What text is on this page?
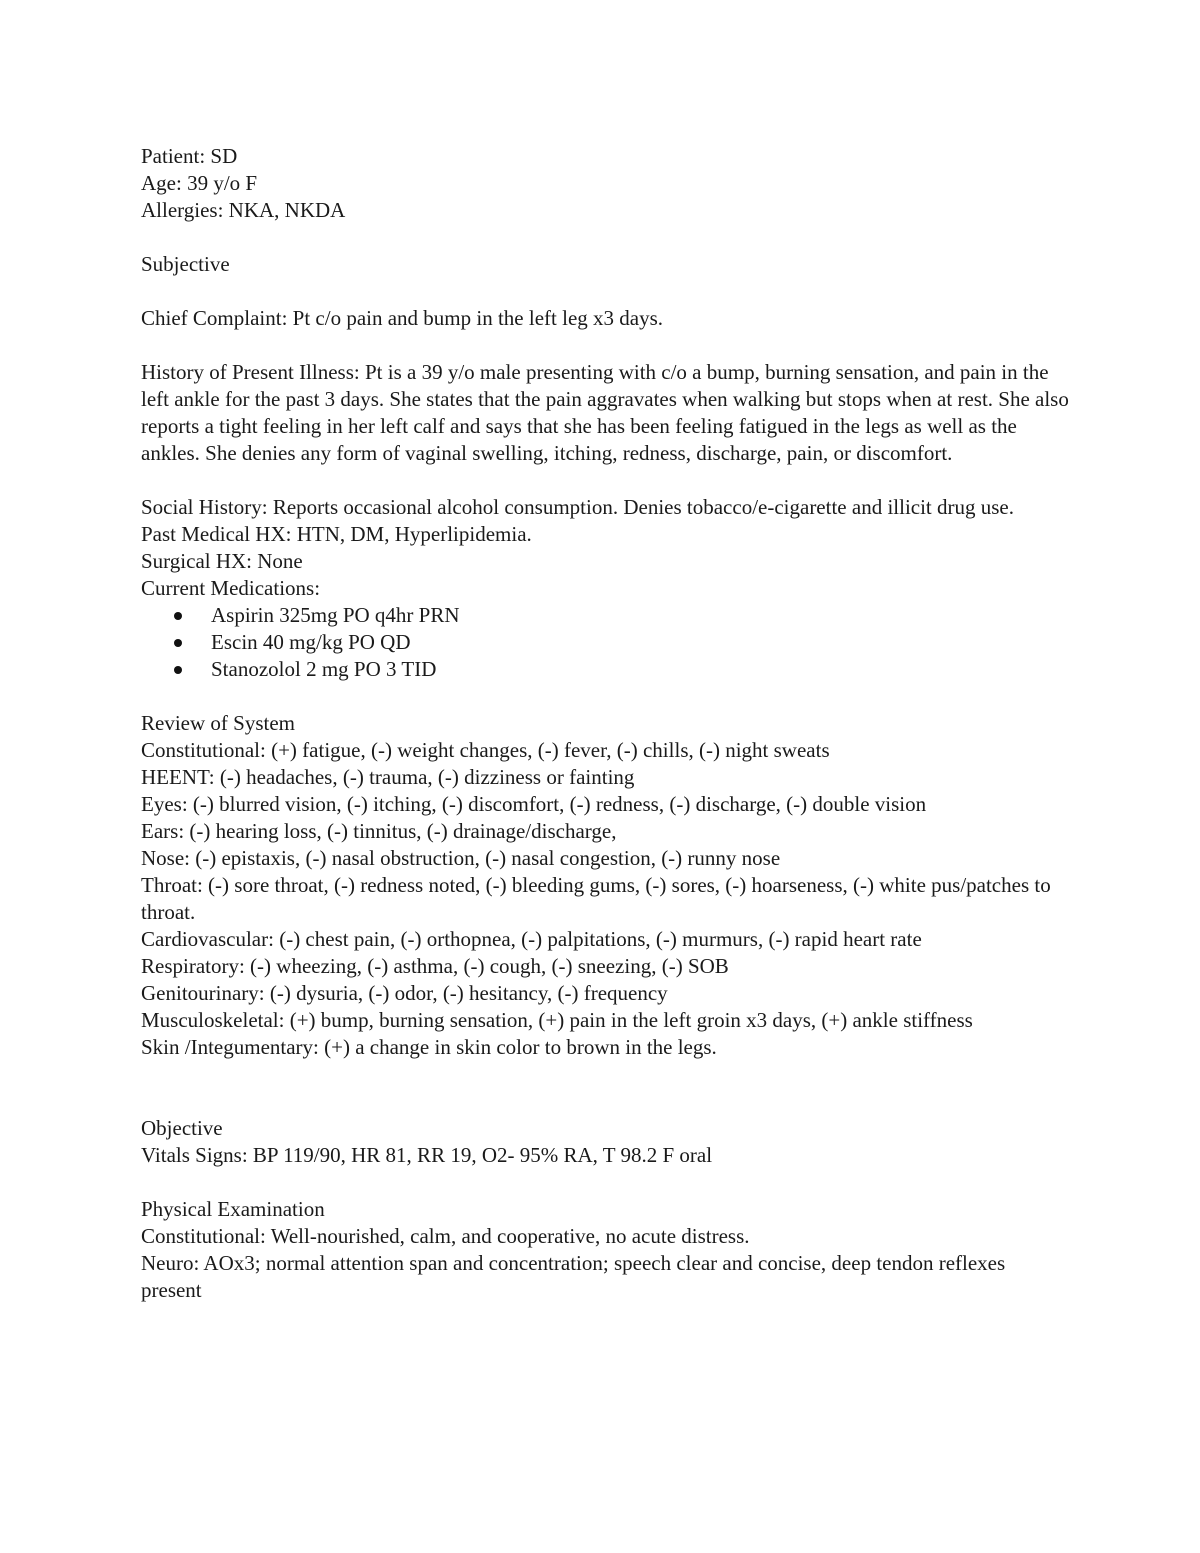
Patient: SD
Age: 39 y/o F
Allergies: NKA, NKDA
Subjective
Chief Complaint: Pt c/o pain and bump in the left leg x3 days.
History of Present Illness: Pt is a 39 y/o male presenting with c/o a bump, burning sensation, and pain in the left ankle for the past 3 days. She states that the pain aggravates when walking but stops when at rest. She also reports a tight feeling in her left calf and says that she has been feeling fatigued in the legs as well as the ankles. She denies any form of vaginal swelling, itching, redness, discharge, pain, or discomfort.
Social History: Reports occasional alcohol consumption. Denies tobacco/e-cigarette and illicit drug use.
Past Medical HX: HTN, DM, Hyperlipidemia.
Surgical HX: None
Current Medications:
Aspirin 325mg PO q4hr PRN
Escin 40 mg/kg PO QD
Stanozolol 2 mg PO 3 TID
Review of System
Constitutional: (+) fatigue, (-) weight changes, (-) fever, (-) chills, (-) night sweats
HEENT: (-) headaches, (-) trauma, (-) dizziness or fainting
Eyes: (-) blurred vision, (-) itching, (-) discomfort, (-) redness, (-) discharge, (-) double vision
Ears: (-) hearing loss, (-) tinnitus, (-) drainage/discharge,
Nose: (-) epistaxis, (-) nasal obstruction, (-) nasal congestion, (-) runny nose
Throat: (-) sore throat, (-) redness noted, (-) bleeding gums, (-) sores, (-) hoarseness, (-) white pus/patches to throat.
Cardiovascular: (-) chest pain, (-) orthopnea, (-) palpitations, (-) murmurs, (-) rapid heart rate
Respiratory: (-) wheezing, (-) asthma, (-) cough, (-) sneezing, (-) SOB
Genitourinary: (-) dysuria, (-) odor, (-) hesitancy, (-) frequency
Musculoskeletal: (+) bump, burning sensation, (+) pain in the left groin x3 days, (+) ankle stiffness
Skin /Integumentary: (+) a change in skin color to brown in the legs.
Objective
Vitals Signs: BP 119/90, HR 81, RR 19, O2- 95% RA, T 98.2 F oral
Physical Examination
Constitutional: Well-nourished, calm, and cooperative, no acute distress.
Neuro: AOx3; normal attention span and concentration; speech clear and concise, deep tendon reflexes present
